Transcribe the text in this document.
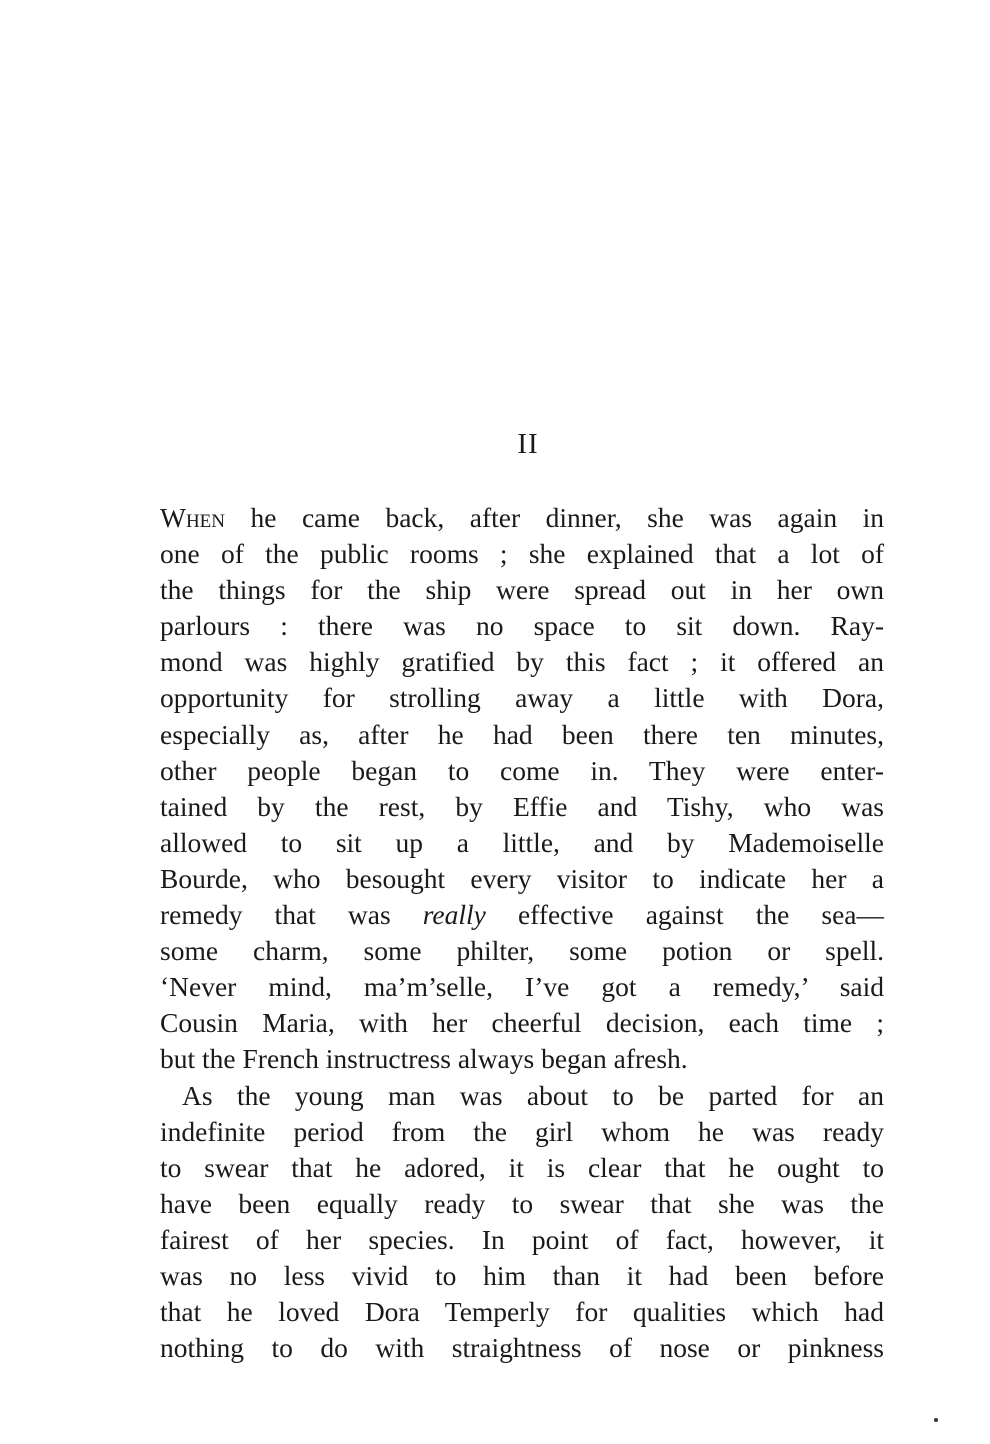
II
When he came back, after dinner, she was again in
one of the public rooms ; she explained that a lot of
the things for the ship were spread out in her own
parlours : there was no space to sit down. Ray-
mond was highly gratified by this fact ; it offered an
opportunity for strolling away a little with Dora,
especially as, after he had been there ten minutes,
other people began to come in. They were enter-
tained by the rest, by Effie and Tishy, who was
allowed to sit up a little, and by Mademoiselle
Bourde, who besought every visitor to indicate her a
remedy that was really effective against the sea—
some charm, some philter, some potion or spell.
‘Never mind, ma’m’selle, I’ve got a remedy,’ said
Cousin Maria, with her cheerful decision, each time ;
but the French instructress always began afresh.
As the young man was about to be parted for an
indefinite period from the girl whom he was ready
to swear that he adored, it is clear that he ought to
have been equally ready to swear that she was the
fairest of her species. In point of fact, however, it
was no less vivid to him than it had been before
that he loved Dora Temperly for qualities which had
nothing to do with straightness of nose or pinkness
